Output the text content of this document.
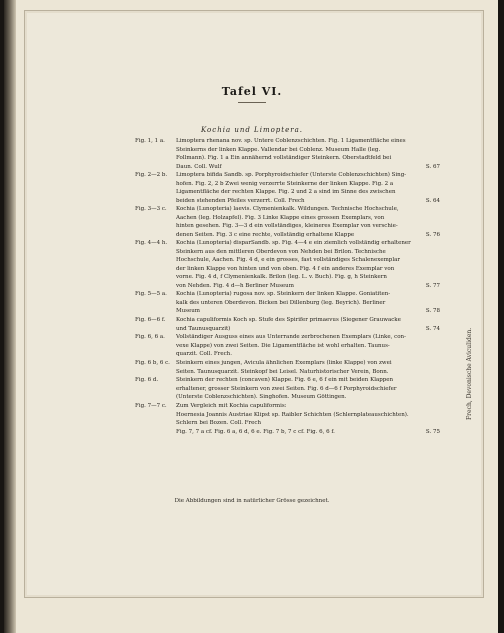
Tafel VI.
Kochia und Limoptera.
Fig. 1, 1 a.	Limoptera rhenana nov. sp. Untere Coblenzschichten. Fig. 1 Ligamentfläche eines
Steinkerns der linken Klappe. Vallendar bei Coblenz. Museum Halle (leg.
Follmann). Fig. 1 a Ein annähernd vollständiger Steinkern. Oberstadtfeld bei
Daun. Coll. Wulf	S. 67
Fig. 2—2 b.	Limoptera bifida Sandb. sp. Porphyroidschiefer (Unterste Coblenzschichten) Sing-
hofen. Fig. 2, 2 b Zwei wenig verzerrte Steinkerne der linken Klappe. Fig. 2 a
Ligamentfläche der rechten Klappe. Fig. 2 und 2 a sind im Sinne des zwischen
beiden stehenden Pfeiles verzerrt. Coll. Frech	S. 64
Fig. 3—3 c.	Kochia (Lunopteria) laevis. Clymenienkalk. Wildungen. Technische Hochschule,
Aachen (leg. Holzapfel). Fig. 3 Linke Klappe eines grossen Exemplars, von
hinten gesehen. Fig. 3—3 d ein vollständiges, kleineres Exemplar von verschie-
denen Seiten. Fig. 3 c eine rechte, vollständig erhaltene Klappe	S. 76
Fig. 4—4 h.	Kochia (Lunopteria) disparSandb. sp. Fig. 4—4 e ein ziemlich vollständig erhaltener
Steinkern aus den mittleren Oberdevon von Nehden bei Brilon. Technische
Hochschule, Aachen. Fig. 4 d, e ein grosses, fast vollständiges Schalenexemplar
der linken Klappe von hinten und von oben. Fig. 4 f ein anderes Exemplar von
vorne. Fig. 4 d, f Clymenienkalk. Brilon (leg. L. v. Buch). Fig. g, h Steinkern
von Nehden. Fig. 4 d—h Berliner Museum	S. 77
Fig. 5—5 a.	Kochia (Lunopteria) rugosa nov. sp. Steinkern der linken Klappe. Goniatiten-
kalk des unteren Oberdevon. Bicken bei Dillenburg (leg. Beyrich). Berliner
Museum	S. 78
Fig. 6—6 f.	Kochia capuliformis Koch sp. Stufe des Spirifer primaevus (Siegener Grauwacke
und Taunusquarzit)	S. 74
Fig. 6, 6 a.	Vollständiger Ausguss eines aus Unterrande zerbrochenen Exemplars (Linke, con-
vexe Klappe) von zwei Seiten. Die Ligamentfläche ist wohl erhalten. Taunus-
quarzit. Coll. Frech.
Fig. 6 b, 6 c.	Steinkern eines jungen, Avicula ähnlichen Exemplars (linke Klappe) von zwei
Seiten. Taunusquarzit. Steinkopf bei Leisel. Naturhistorischer Verein, Bonn.
Fig. 6 d.	Steinkern der rechten (concaven) Klappe. Fig. 6 e, 6 f ein mit beiden Klappen
erhaltener, grosser Steinkern von zwei Seiten. Fig. 6 d—6 f Porphyroidschiefer
(Unterste Coblenzschichten). Singhofen. Museum Göttingen.
Fig. 7—7 c.	Zum Vergleich mit Kochia capuliformis:
Hoernesia Joannis Austriae Klipst sp. Raibler Schichten (Schlernplateauschichten).
Schlern bei Bozen. Coll. Frech
Fig. 7, 7 a cf. Fig. 6 a, 6 d, 6 e. Fig. 7 b, 7 c cf. Fig. 6, 6 f.	S. 75
Die Abbildungen sind in natürlicher Grösse gezeichnet.
Frech, Devonische Aviculiden.
